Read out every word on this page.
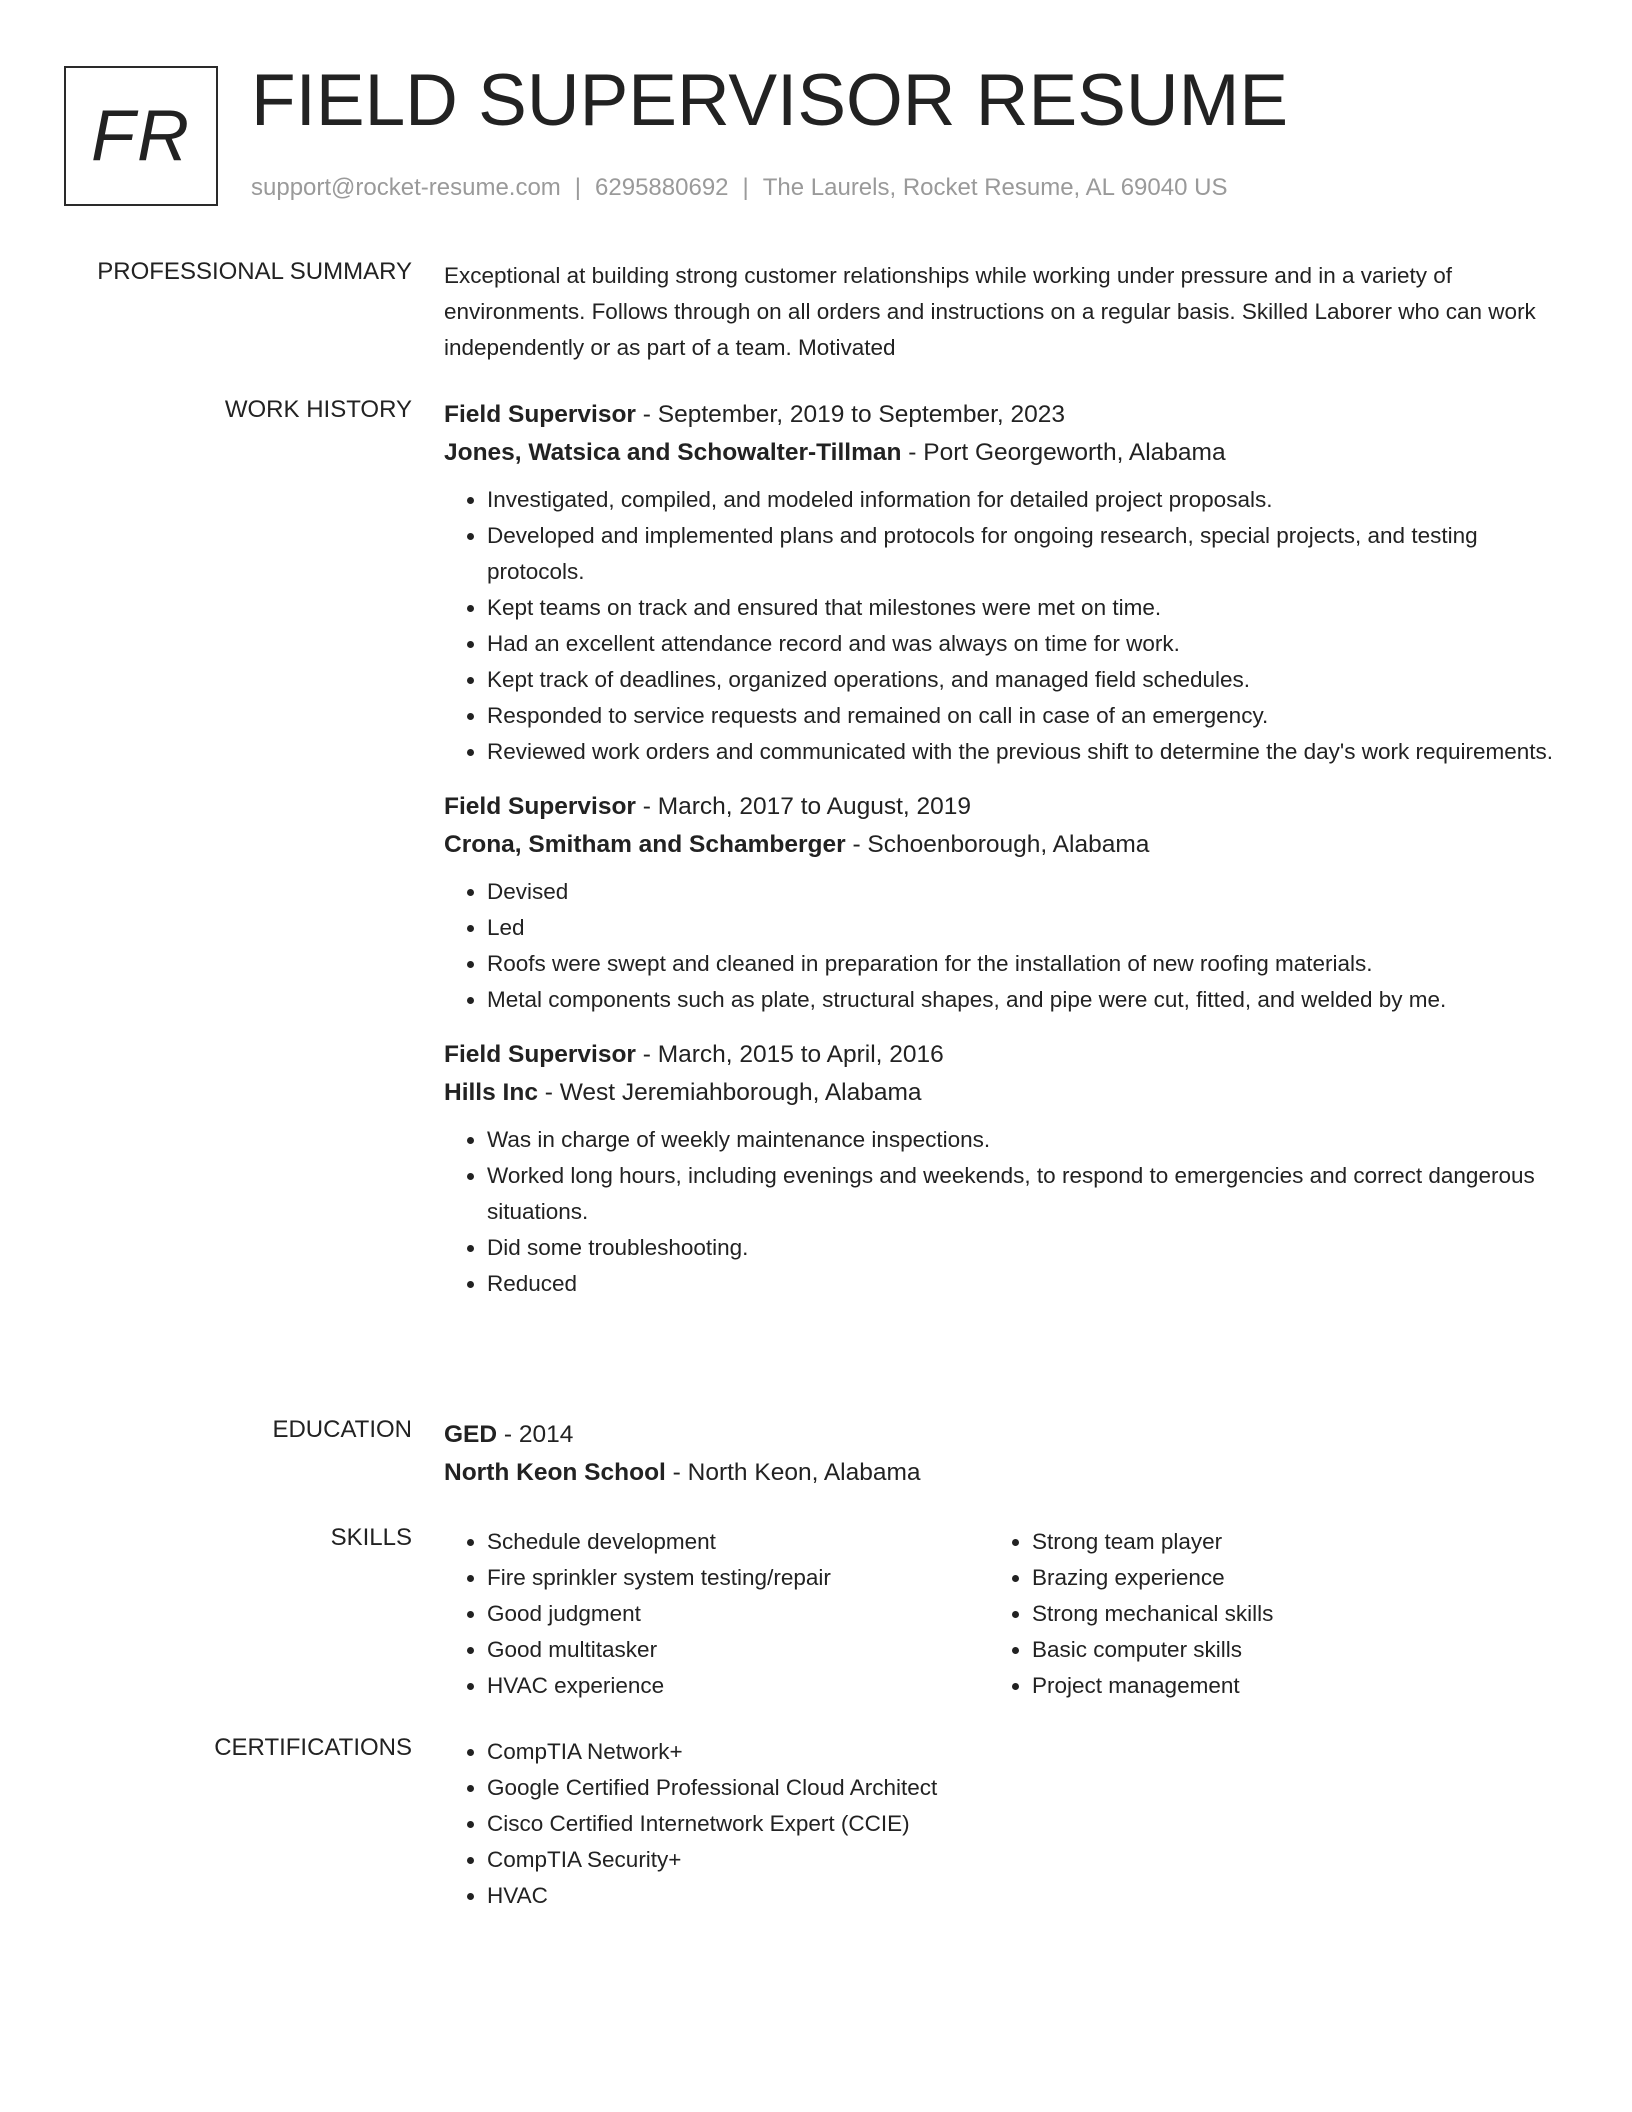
FR FIELD SUPERVISOR RESUME
support@rocket-resume.com | 6295880692 | The Laurels, Rocket Resume, AL 69040 US
PROFESSIONAL SUMMARY Exceptional at building strong customer relationships while working under pressure and in a variety of environments. Follows through on all orders and instructions on a regular basis. Skilled Laborer who can work independently or as part of a team. Motivated
WORK HISTORY Field Supervisor - September, 2019 to September, 2023
Jones, Watsica and Schowalter-Tillman - Port Georgeworth, Alabama
• Investigated, compiled, and modeled information for detailed project proposals.
• Developed and implemented plans and protocols for ongoing research, special projects, and testing protocols.
• Kept teams on track and ensured that milestones were met on time.
• Had an excellent attendance record and was always on time for work.
• Kept track of deadlines, organized operations, and managed field schedules.
• Responded to service requests and remained on call in case of an emergency.
• Reviewed work orders and communicated with the previous shift to determine the day's work requirements.
Field Supervisor - March, 2017 to August, 2019
Crona, Smitham and Schamberger - Schoenborough, Alabama
• Devised
• Led
• Roofs were swept and cleaned in preparation for the installation of new roofing materials.
• Metal components such as plate, structural shapes, and pipe were cut, fitted, and welded by me.
Field Supervisor - March, 2015 to April, 2016
Hills Inc - West Jeremiahborough, Alabama
• Was in charge of weekly maintenance inspections.
• Worked long hours, including evenings and weekends, to respond to emergencies and correct dangerous situations.
• Did some troubleshooting.
• Reduced
EDUCATION GED - 2014
North Keon School - North Keon, Alabama
SKILLS	• Schedule development
• Fire sprinkler system testing/repair
• Good judgment
• Good multitasker
• HVAC experience
• Strong team player
• Brazing experience
• Strong mechanical skills
• Basic computer skills
• Project management
CERTIFICATIONS	• CompTIA Network+
• Google Certified Professional Cloud Architect
• Cisco Certified Internetwork Expert (CCIE)
• CompTIA Security+
• HVAC
